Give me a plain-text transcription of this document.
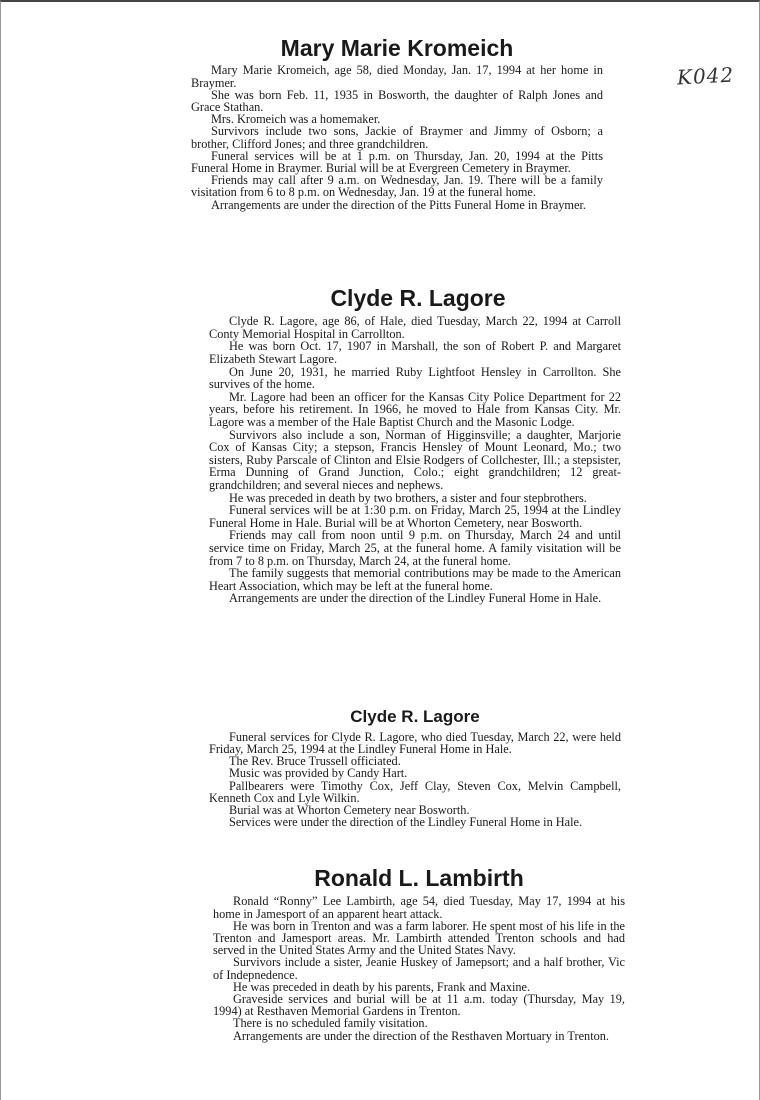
K042
Mary Marie Kromeich

Mary Marie Kromeich, age 58, died Monday, Jan. 17, 1994 at her home in Braymer.

She was born Feb. 11, 1935 in Bosworth, the daughter of Ralph Jones and Grace Stathan.

Mrs. Kromeich was a homemaker.

Survivors include two sons, Jackie of Braymer and Jimmy of Osborn; a brother, Clifford Jones; and three grandchildren.

Funeral services will be at 1 p.m. on Thursday, Jan. 20, 1994 at the Pitts Funeral Home in Braymer. Burial will be at Evergreen Cemetery in Braymer.

Friends may call after 9 a.m. on Wednesday, Jan. 19. There will be a family visitation from 6 to 8 p.m. on Wednesday, Jan. 19 at the funeral home.

Arrangements are under the direction of the Pitts Funeral Home in Braymer.

Clyde R. Lagore

Clyde R. Lagore, age 86, of Hale, died Tuesday, March 22, 1994 at Carroll Conty Memorial Hospital in Carrollton.

He was born Oct. 17, 1907 in Marshall, the son of Robert P. and Margaret Elizabeth Stewart Lagore.

On June 20, 1931, he married Ruby Lightfoot Hensley in Carrollton. She survives of the home.

Mr. Lagore had been an officer for the Kansas City Police Department for 22 years, before his retirement. In 1966, he moved to Hale from Kansas City. Mr. Lagore was a member of the Hale Baptist Church and the Masonic Lodge.

Survivors also include a son, Norman of Higginsville; a daughter, Marjorie Cox of Kansas City; a stepson, Francis Hensley of Mount Leonard, Mo.; two sisters, Ruby Parscale of Clinton and Elsie Rodgers of Collchester, Ill.; a stepsister, Erma Dunning of Grand Junction, Colo.; eight grandchildren; 12 great-grandchildren; and several nieces and nephews.

He was preceded in death by two brothers, a sister and four stepbrothers.

Funeral services will be at 1:30 p.m. on Friday, March 25, 1994 at the Lindley Funeral Home in Hale. Burial will be at Whorton Cemetery, near Bosworth.

Friends may call from noon until 9 p.m. on Thursday, March 24 and until service time on Friday, March 25, at the funeral home. A family visitation will be from 7 to 8 p.m. on Thursday, March 24, at the funeral home.

The family suggests that memorial contributions may be made to the American Heart Association, which may be left at the funeral home.

Arrangements are under the direction of the Lindley Funeral Home in Hale.

Clyde R. Lagore

Funeral services for Clyde R. Lagore, who died Tuesday, March 22, were held Friday, March 25, 1994 at the Lindley Funeral Home in Hale.

The Rev. Bruce Trussell officiated.

Music was provided by Candy Hart.

Pallbearers were Timothy Cox, Jeff Clay, Steven Cox, Melvin Campbell, Kenneth Cox and Lyle Wilkin.

Burial was at Whorton Cemetery near Bosworth.

Services were under the direction of the Lindley Funeral Home in Hale.

Ronald L. Lambirth

Ronald “Ronny” Lee Lambirth, age 54, died Tuesday, May 17, 1994 at his home in Jamesport of an apparent heart attack.

He was born in Trenton and was a farm laborer. He spent most of his life in the Trenton and Jamesport areas. Mr. Lambirth attended Trenton schools and had served in the United States Army and the United States Navy.

Survivors include a sister, Jeanie Huskey of Jamepsort; and a half brother, Vic of Indepnedence.

He was preceded in death by his parents, Frank and Maxine.

Graveside services and burial will be at 11 a.m. today (Thursday, May 19, 1994) at Resthaven Memorial Gardens in Trenton.

There is no scheduled family visitation.

Arrangements are under the direction of the Resthaven Mortuary in Trenton.
